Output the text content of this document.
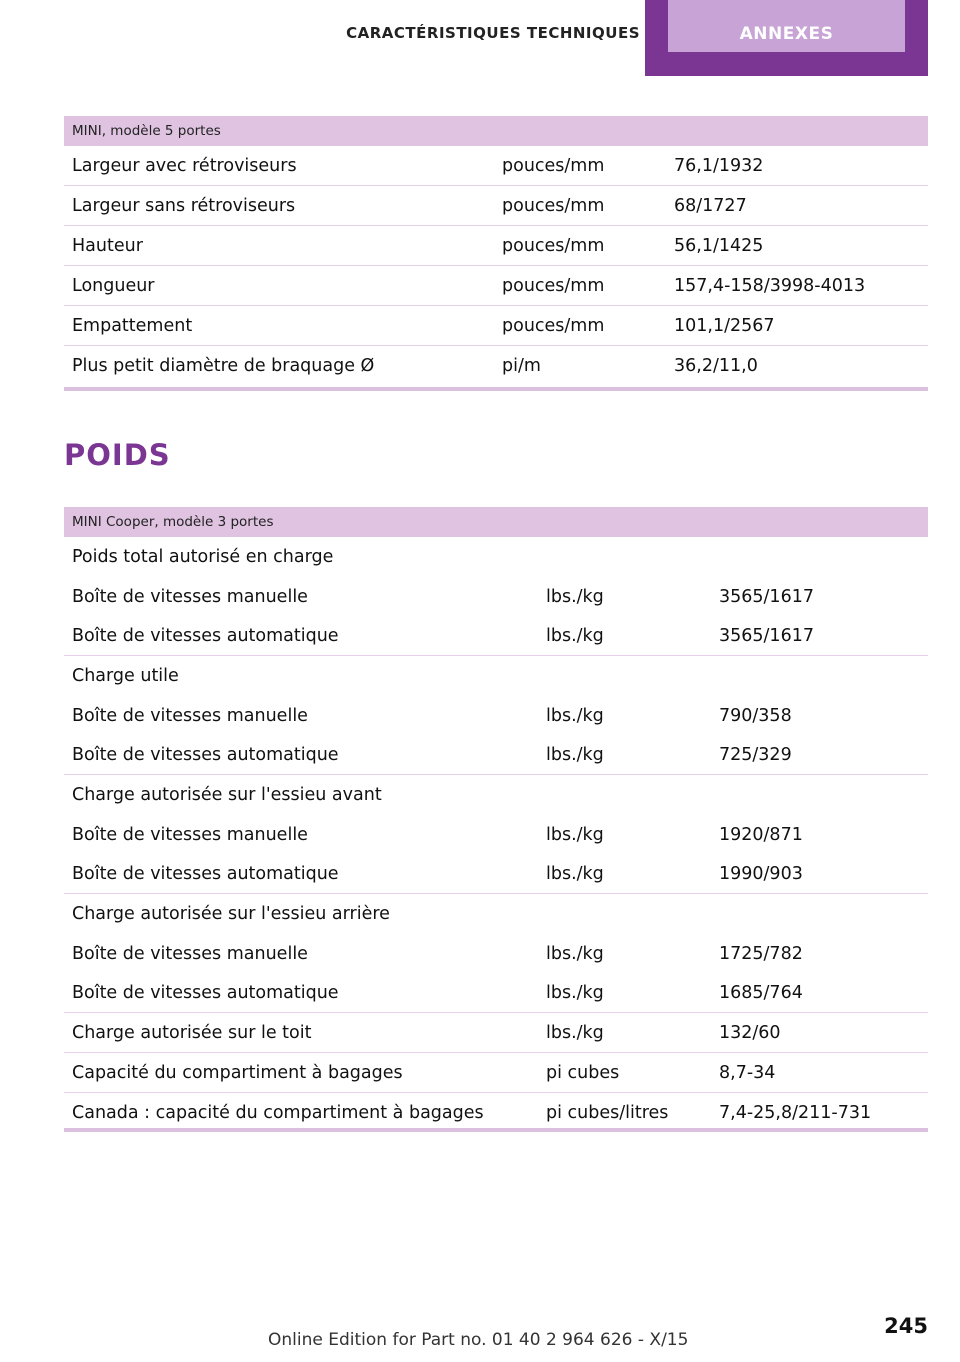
CARACTÉRISTIQUES TECHNIQUES	ANNEXES
MINI, modèle 5 portes		
Largeur avec rétroviseurs	pouces/mm	76,1/1932
Largeur sans rétroviseurs	pouces/mm	68/1727
Hauteur	pouces/mm	56,1/1425
Longueur	pouces/mm	157,4-158/3998-4013
Empattement	pouces/mm	101,1/2567
Plus petit diamètre de braquage Ø	pi/m	36,2/11,0
POIDS
MINI Cooper, modèle 3 portes		
Poids total autorisé en charge		
Boîte de vitesses manuelle	lbs./kg	3565/1617
Boîte de vitesses automatique	lbs./kg	3565/1617
Charge utile		
Boîte de vitesses manuelle	lbs./kg	790/358
Boîte de vitesses automatique	lbs./kg	725/329
Charge autorisée sur l'essieu avant		
Boîte de vitesses manuelle	lbs./kg	1920/871
Boîte de vitesses automatique	lbs./kg	1990/903
Charge autorisée sur l'essieu arrière		
Boîte de vitesses manuelle	lbs./kg	1725/782
Boîte de vitesses automatique	lbs./kg	1685/764
Charge autorisée sur le toit	lbs./kg	132/60
Capacité du compartiment à bagages	pi cubes	8,7-34
Canada : capacité du compartiment à bagages	pi cubes/litres	7,4-25,8/211-731
Online Edition for Part no. 01 40 2 964 626 - X/15
245
